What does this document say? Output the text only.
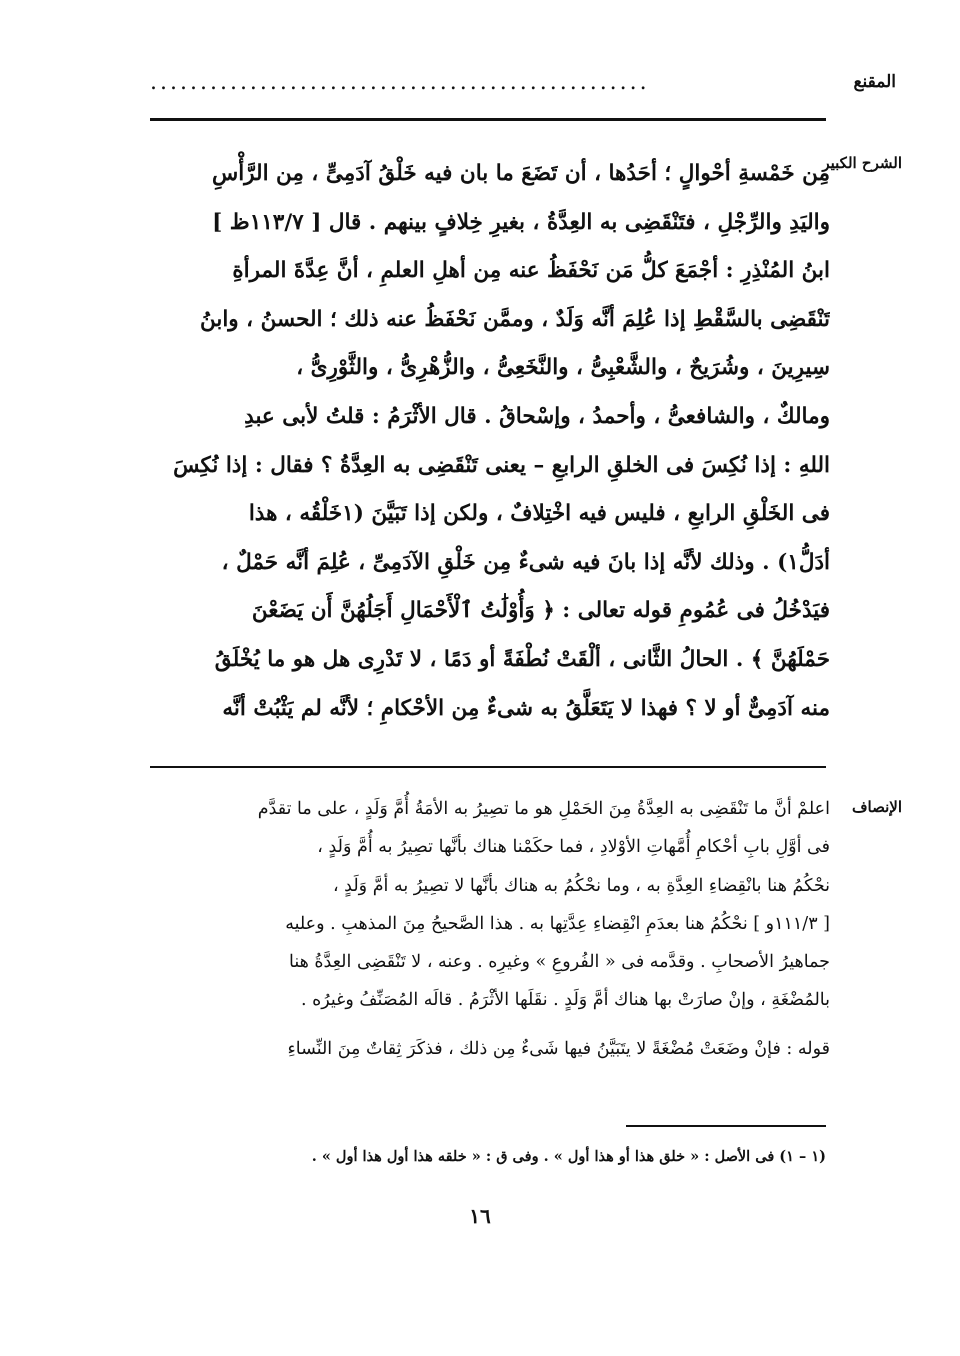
المقنع
..................................................
الشرح الكبير
مِن خَمْسةِ أحْوالٍ ؛ أحَدُها ، أن تَضَعَ ما بان فيه خَلْقُ آدَمِىٍّ ، مِن الرَّأْسِ
واليَدِ والرِّجْلِ ، فتَنْقَضِى به العِدَّةُ ، بغيرِ خِلافٍ بينهم . قال [ ١١٣/٧ظ ]
ابنُ المُنْذِرِ : أجْمَعَ كلُّ مَن نَحْفَظُ عنه مِن أهلِ العلمِ ، أنَّ عِدَّةَ المرأةِ
تَنْقَضِى بالسَّقْطِ إذا عُلِمَ أنَّه وَلَدٌ ، وممَّن نَحْفَظُ عنه ذلك ؛ الحسنُ ، وابنُ
سِيرِينَ ، وشُرَيحٌ ، والشَّعْبِىُّ ، والنَّخَعِىُّ ، والزُّهْرِىُّ ، والثَّوْرِىُّ ،
ومالكٌ ، والشافعىُّ ، وأحمدُ ، وإسْحاقُ . قال الأثْرَمُ : قلتُ لأبى عبدِ
اللهِ : إذا نُكِسَ فى الخلقِ الرابعِ – يعنى تَنْقَضِى به العِدَّةُ ؟ فقال : إذا نُكِسَ
فى الخَلْقِ الرابعِ ، فليس فيه اخْتِلافٌ ، ولكن إذا تَبَيَّنَ (١خَلْقُه ، هذا
أدَلُّ١) . وذلك لأنَّه إذا بانَ فيه شىءٌ مِن خَلْقِ الآدَمِىِّ ، عُلِمَ أنَّه حَمْلٌ ،
فيَدْخُلُ فى عُمُومِ قوله تعالى : ﴿ وَأُوْلَٰتُ ٱلْأَحْمَالِ أَجَلُهُنَّ أَن يَضَعْنَ
حَمْلَهُنَّ ﴾ . الحالُ الثَّانى ، ألْقَتْ نُطْفَةً أو دَمًا ، لا تَدْرِى هل هو ما يُخْلَقُ
منه آدَمِىٌّ أو لا ؟ فهذا لا يَتَعَلَّقُ به شىءٌ مِن الأحْكامِ ؛ لأنَّه لم يَثْبُتْ أنَّه
الإنصاف
اعلمْ أنَّ ما تَنْقَضِى به العِدَّةُ مِنَ الحَمْلِ هو ما تصِيرُ به الأمَةُ أُمَّ وَلَدٍ ، على ما تقدَّم
فى أوَّلِ بابِ أحْكامِ أُمَّهاتِ الأوْلادِ ، فما حكَمْنا هناك بأنَّها تصِيرُ به أُمَّ وَلَدٍ ،
نحْكُمُ هنا بانْقِضاءِ العِدَّةِ به ، وما نحْكُمُ به هناك بأنَّها لا تصِيرُ به أمَّ وَلَدٍ ،
[ ١١١/٣و ] نحْكُمُ هنا بعدَمِ انْقِضاءِ عِدَّتِها به . هذا الصَّحيحُ مِنَ المذهبِ . وعليه
جماهيرُ الأصحابِ . وقدَّمه فى « الفُروعِ » وغيرِه . وعنه ، لا تَنْقَضِى العِدَّةُ هنا
بالمُضْغَةِ ، وإنْ صارَتْ بها هناك أمَّ وَلَدٍ . نقَلَها الأثْرَمُ . قالَه المُصَنِّفُ وغيرُه .
قوله : فإنْ وضَعَتْ مُضْغَةً لا يتَبَيَّنُ فيها شَىءٌ مِن ذلك ، فذكَرَ ثِقاتٌ مِنَ النِّساءِ
(١ – ١) فى الأصل : « خلق هذا أو هذا أول » . وفى ق : « خلقه هذا أول هذا أول » .
١٦
